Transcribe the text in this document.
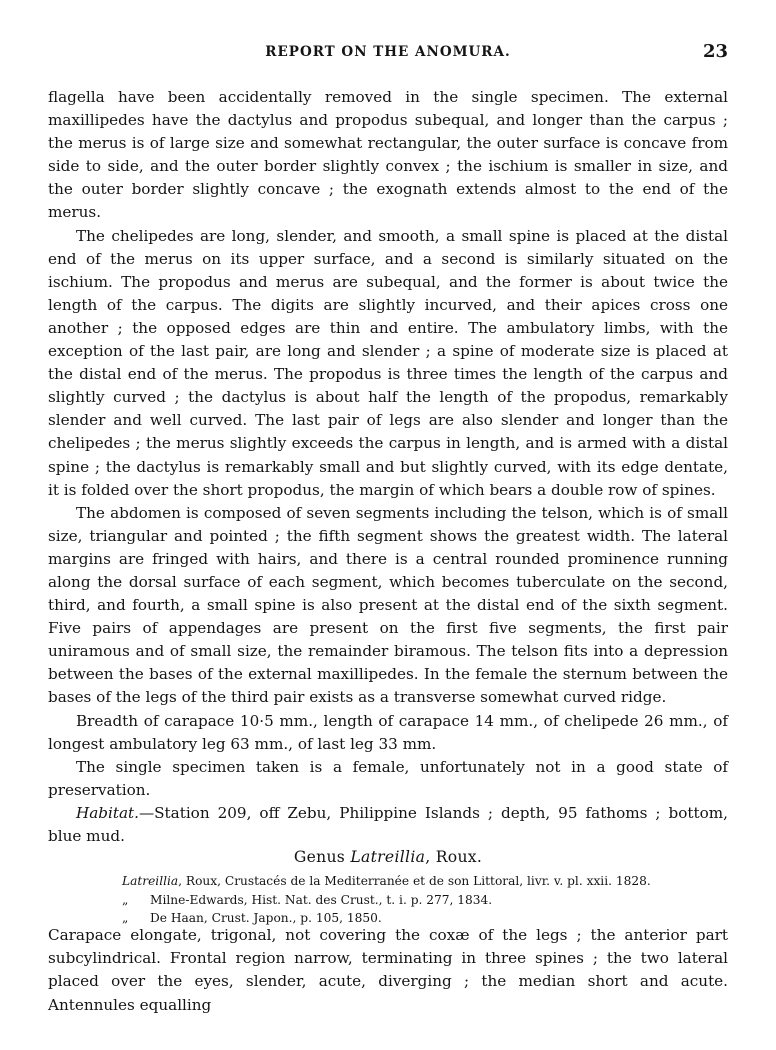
REPORT ON THE ANOMURA.	23

flagella have been accidentally removed in the single specimen. The external maxillipedes have the dactylus and propodus subequal, and longer than the carpus ; the merus is of large size and somewhat rectangular, the outer surface is concave from side to side, and the outer border slightly convex ; the ischium is smaller in size, and the outer border slightly concave ; the exognath extends almost to the end of the merus.

The chelipedes are long, slender, and smooth, a small spine is placed at the distal end of the merus on its upper surface, and a second is similarly situated on the ischium. The propodus and merus are subequal, and the former is about twice the length of the carpus. The digits are slightly incurved, and their apices cross one another ; the opposed edges are thin and entire. The ambulatory limbs, with the exception of the last pair, are long and slender ; a spine of moderate size is placed at the distal end of the merus. The propodus is three times the length of the carpus and slightly curved ; the dactylus is about half the length of the propodus, remarkably slender and well curved. The last pair of legs are also slender and longer than the chelipedes ; the merus slightly exceeds the carpus in length, and is armed with a distal spine ; the dactylus is remarkably small and but slightly curved, with its edge dentate, it is folded over the short propodus, the margin of which bears a double row of spines.

The abdomen is composed of seven segments including the telson, which is of small size, triangular and pointed ; the fifth segment shows the greatest width. The lateral margins are fringed with hairs, and there is a central rounded prominence running along the dorsal surface of each segment, which becomes tuberculate on the second, third, and fourth, a small spine is also present at the distal end of the sixth segment. Five pairs of appendages are present on the first five segments, the first pair uniramous and of small size, the remainder biramous. The telson fits into a depression between the bases of the external maxillipedes. In the female the sternum between the bases of the legs of the third pair exists as a transverse somewhat curved ridge.

Breadth of carapace 10·5 mm., length of carapace 14 mm., of chelipede 26 mm., of longest ambulatory leg 63 mm., of last leg 33 mm.

The single specimen taken is a female, unfortunately not in a good state of preservation.

Habitat.—Station 209, off Zebu, Philippine Islands ; depth, 95 fathoms ; bottom, blue mud.

Genus Latreillia, Roux.

Latreillia, Roux, Crustacés de la Mediterranée et de son Littoral, livr. v. pl. xxii. 1828.

„ Milne-Edwards, Hist. Nat. des Crust., t. i. p. 277, 1834.

„ De Haan, Crust. Japon., p. 105, 1850.

Carapace elongate, trigonal, not covering the coxæ of the legs ; the anterior part subcylindrical. Frontal region narrow, terminating in three spines ; the two lateral placed over the eyes, slender, acute, diverging ; the median short and acute. Antennules equalling
